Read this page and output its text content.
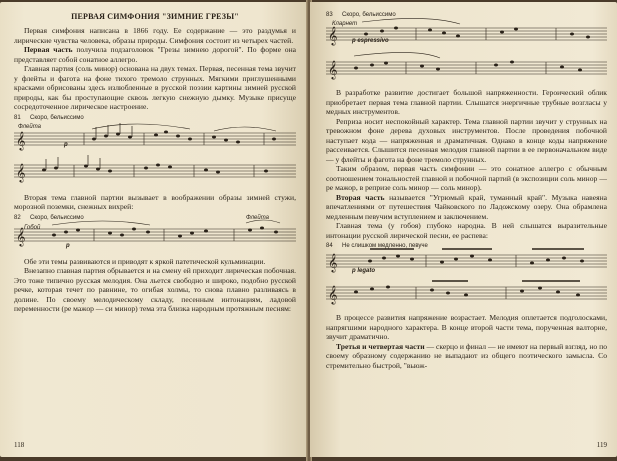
ПЕРВАЯ СИМФОНИЯ "ЗИМНИЕ ГРЕЗЫ"

Первая симфония написана в 1866 году. Ее содержание — это раздумья и лирические чувства человека, образы природы. Симфония состоит из четырех частей.

Первая часть получила подзаголовок "Грезы зимнею дорогой". По форме она представляет собой сонатное аллегро.

Главная партия (соль минор) основана на двух темах. Первая, песенная тема звучит у флейты и фагота на фоне тихого тремоло струнных. Мягкими приглушенными красками обрисованы здесь излюбленные в русской поэзии картины зимней русской природы, как бы проступающие сквозь легкую снежную дымку. Музыке присуще сосредоточенное лирическое настроение.

81 Скоро, бельиссимо
Флейта
p
𝄞
𝄞

Вторая тема главной партии вызывает в воображении образы зимней стужи, морозной поземки, снежных вихрей:

82 Скоро, бельиссимо
Гобой
Флейта
p
𝄞

Обе эти темы развиваются и приводят к яркой патетической кульминации.

Внезапно главная партия обрывается и на смену ей приходит лирическая побочная. Это тоже типично русская мелодия. Она льется свободно и широко, подобно русской речке, которая течет по равнине, то огибая холмы, то снова плавно разливаясь в долине. По своему мелодическому складу, песенным интонациям, ладовой переменности (ре мажор — си минор) тема эта близка народным протяжным песням:

118
83 Скоро, бельиссимо
Кларнет
p espressivo
𝄞
𝄞

В разработке развитие достигает большой напряженности. Героический облик приобретает первая тема главной партии. Слышатся энергичные трубные возгласы у медных инструментов.

Реприза носит неспокойный характер. Тема главной партии звучит у струнных на тревожном фоне дерева духовых инструментов. После проведения побочной наступает кода — напряженная и драматичная. Однако в конце коды напряжение рассеивается. Слышится песенная мелодия главной партии в ее первоначальном виде — у флейты и фагота на фоне тремоло струнных.

Таким образом, первая часть симфонии — это сонатное аллегро с обычным соотношением тональностей главной и побочной партий (в экспозиции соль минор — ре мажор, в репризе соль минор — соль минор).

Вторая часть называется "Угрюмый край, туманный край". Музыка навеяна впечатлениями от путешествия Чайковского по Ладожскому озеру. Она обрамлена медленным певучим вступлением и заключением.

Главная тема (у гобоя) глубоко народна. В ней слышатся выразительные интонации русской лирической песни, ее распева:

84 Не слишком медленно, певуче
p legato
𝄞
𝄞

В процессе развития напряжение возрастает. Мелодия оплетается подголосками, напрягшими народного характера. В конце второй части тема, порученная валторне, звучит драматично.

Третья и четвертая части — скерцо и финал — не имеют на первый взгляд, но по своему образному содержанию не выпадают из общего поэтического замысла. Со стремительно быстрой, "вьюж-

119
